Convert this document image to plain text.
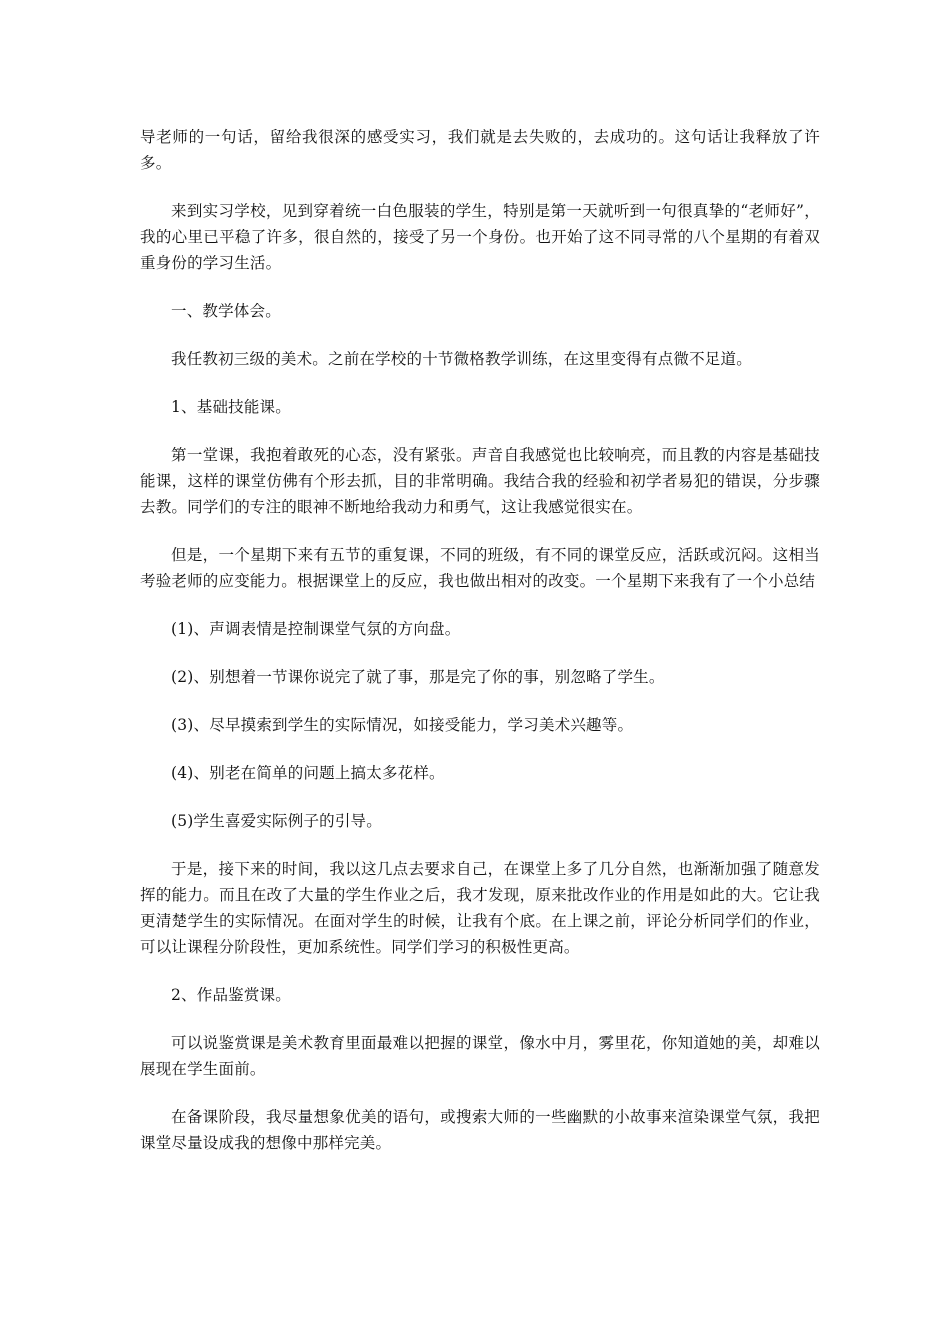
导老师的一句话，留给我很深的感受实习，我们就是去失败的，去成功的。这句话让我释放了许多。

来到实习学校，见到穿着统一白色服装的学生，特别是第一天就听到一句很真挚的“老师好”，我的心里已平稳了许多，很自然的，接受了另一个身份。也开始了这不同寻常的八个星期的有着双重身份的学习生活。

一、教学体会。

我任教初三级的美术。之前在学校的十节微格教学训练，在这里变得有点微不足道。

1、基础技能课。

第一堂课，我抱着敢死的心态，没有紧张。声音自我感觉也比较响亮，而且教的内容是基础技能课，这样的课堂仿佛有个形去抓，目的非常明确。我结合我的经验和初学者易犯的错误，分步骤去教。同学们的专注的眼神不断地给我动力和勇气，这让我感觉很实在。

但是，一个星期下来有五节的重复课，不同的班级，有不同的课堂反应，活跃或沉闷。这相当考验老师的应变能力。根据课堂上的反应，我也做出相对的改变。一个星期下来我有了一个小总结

(1)、声调表情是控制课堂气氛的方向盘。

(2)、别想着一节课你说完了就了事，那是完了你的事，别忽略了学生。

(3)、尽早摸索到学生的实际情况，如接受能力，学习美术兴趣等。

(4)、别老在简单的问题上搞太多花样。

(5)学生喜爱实际例子的引导。

于是，接下来的时间，我以这几点去要求自己，在课堂上多了几分自然，也渐渐加强了随意发挥的能力。而且在改了大量的学生作业之后，我才发现，原来批改作业的作用是如此的大。它让我更清楚学生的实际情况。在面对学生的时候，让我有个底。在上课之前，评论分析同学们的作业，可以让课程分阶段性，更加系统性。同学们学习的积极性更高。

2、作品鉴赏课。

可以说鉴赏课是美术教育里面最难以把握的课堂，像水中月，雾里花，你知道她的美，却难以展现在学生面前。

在备课阶段，我尽量想象优美的语句，或搜索大师的一些幽默的小故事来渲染课堂气氛，我把课堂尽量设成我的想像中那样完美。
